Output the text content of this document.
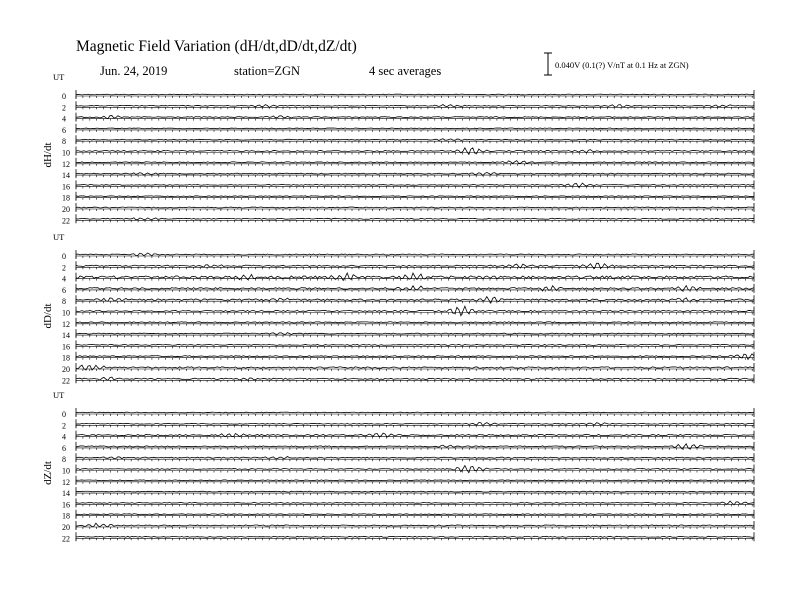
Magnetic Field Variation (dH/dt,dD/dt,dZ/dt)
Jun. 24, 2019	station=ZGN	4 sec averages	0.040V (0.1(?) V/nT at 0.1 Hz at ZGN)
UT
dH/dt
0
2
4
6
8
10
12
14
16
18
20
22
UT
dD/dt
0
2
4
6
8
10
12
14
16
18
20
22
UT
dZ/dt
0
2
4
6
8
10
12
14
16
18
20
22
